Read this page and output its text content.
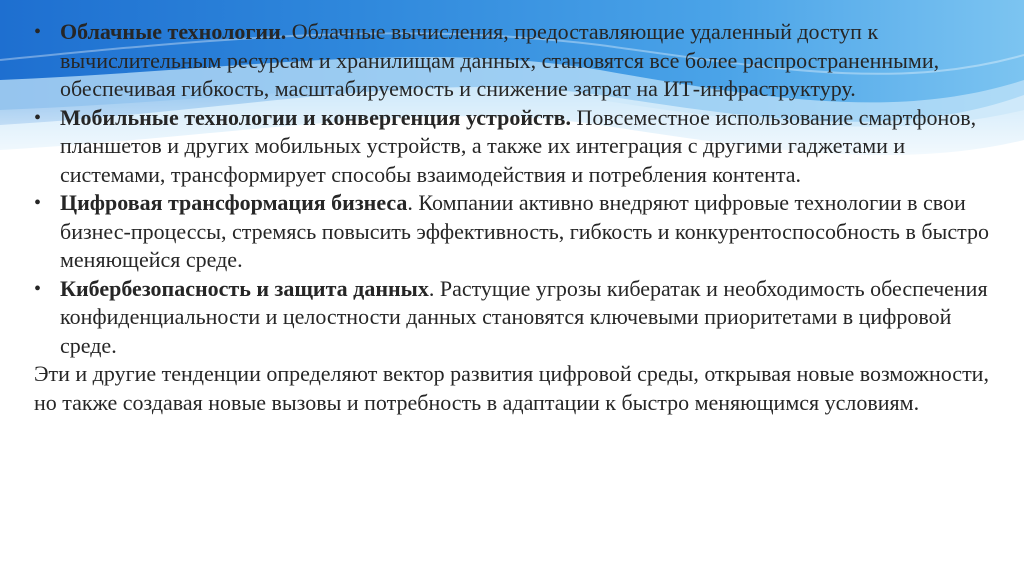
• Облачные технологии. Облачные вычисления, предоставляющие удаленный доступ к вычислительным ресурсам и хранилищам данных, становятся все более распространенными, обеспечивая гибкость, масштабируемость и снижение затрат на ИТ-инфраструктуру.
• Мобильные технологии и конвергенция устройств. Повсеместное использование смартфонов, планшетов и других мобильных устройств, а также их интеграция с другими гаджетами и системами, трансформирует способы взаимодействия и потребления контента.
• Цифровая трансформация бизнеса. Компании активно внедряют цифровые технологии в свои бизнес-процессы, стремясь повысить эффективность, гибкость и конкурентоспособность в быстро меняющейся среде.
• Кибербезопасность и защита данных. Растущие угрозы кибератак и необходимость обеспечения конфиденциальности и целостности данных становятся ключевыми приоритетами в цифровой среде.

Эти и другие тенденции определяют вектор развития цифровой среды, открывая новые возможности, но также создавая новые вызовы и потребность в адаптации к быстро меняющимся условиям.
